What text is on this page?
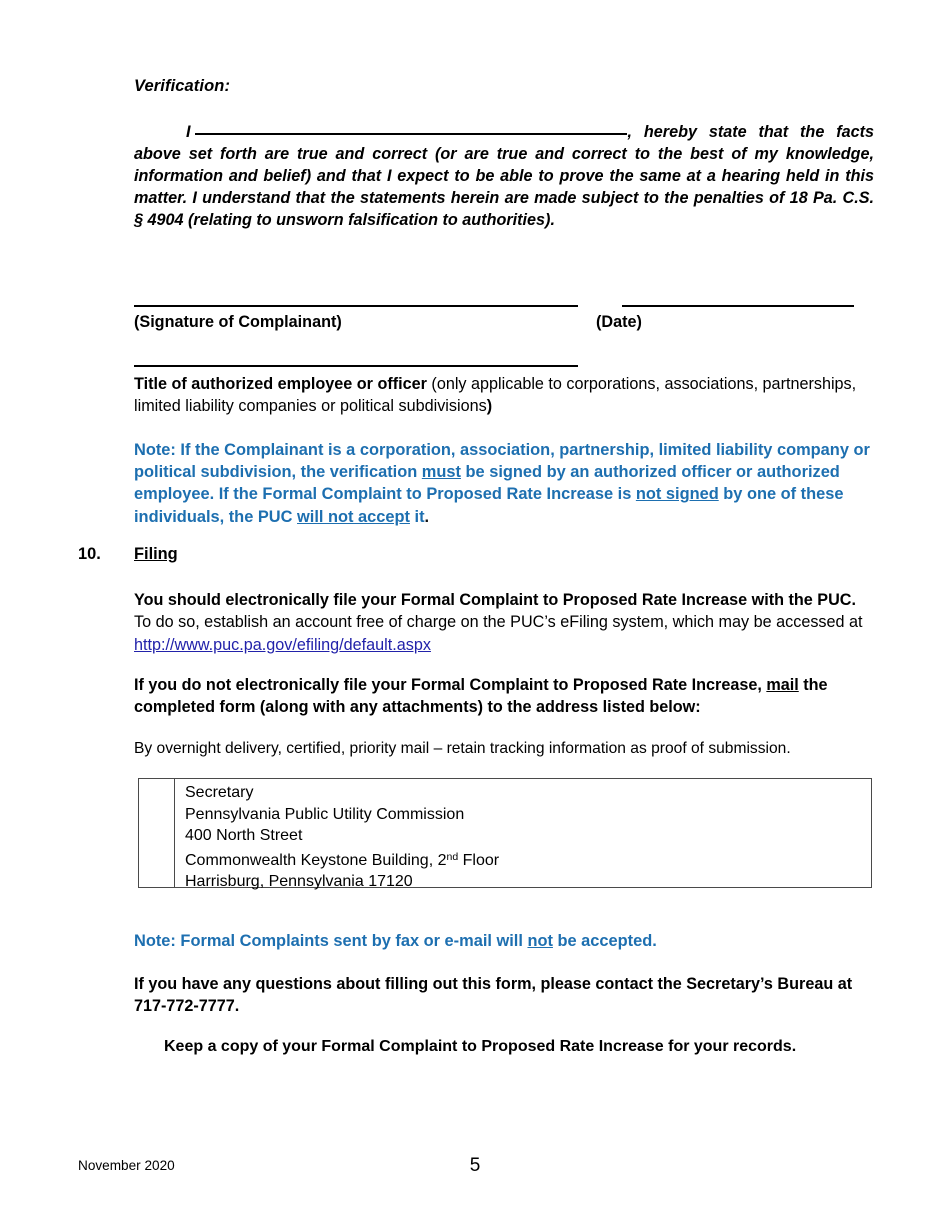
Verification:
I	, hereby state that the facts above set forth are true and correct (or are true and correct to the best of my knowledge, information and belief) and that I expect to be able to prove the same at a hearing held in this matter. I understand that the statements herein are made subject to the penalties of 18 Pa. C.S. § 4904 (relating to unsworn falsification to authorities).
(Signature of Complainant)	(Date)
Title of authorized employee or officer (only applicable to corporations, associations, partnerships, limited liability companies or political subdivisions)
Note: If the Complainant is a corporation, association, partnership, limited liability company or political subdivision, the verification must be signed by an authorized officer or authorized employee. If the Formal Complaint to Proposed Rate Increase is not signed by one of these individuals, the PUC will not accept it.
10. Filing
You should electronically file your Formal Complaint to Proposed Rate Increase with the PUC. To do so, establish an account free of charge on the PUC’s eFiling system, which may be accessed at http://www.puc.pa.gov/efiling/default.aspx
If you do not electronically file your Formal Complaint to Proposed Rate Increase, mail the completed form (along with any attachments) to the address listed below:
By overnight delivery, certified, priority mail – retain tracking information as proof of submission.
Secretary
Pennsylvania Public Utility Commission
400 North Street
Commonwealth Keystone Building, 2nd Floor
Harrisburg, Pennsylvania 17120
Note: Formal Complaints sent by fax or e-mail will not be accepted.
If you have any questions about filling out this form, please contact the Secretary’s Bureau at 717-772-7777.
Keep a copy of your Formal Complaint to Proposed Rate Increase for your records.
November 2020	5
